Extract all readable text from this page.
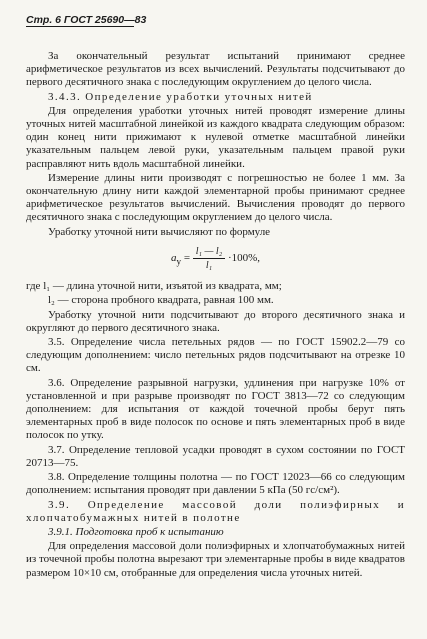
Стр. 6 ГОСТ 25690—83

За окончательный результат испытаний принимают среднее арифметическое результатов из всех вычислений. Результаты подсчитывают до первого десятичного знака с последующим округлением до целого числа.

3.4.3. Определение уработки уточных нитей

Для определения уработки уточных нитей проводят измерение длины уточных нитей масштабной линейкой из каждого квадрата следующим образом: один конец нити прижимают к нулевой отметке масштабной линейки указательным пальцем левой руки, указательным пальцем правой руки расправляют нить вдоль масштабной линейки.

Измерение длины нити производят с погрешностью не более 1 мм. За окончательную длину нити каждой элементарной пробы принимают среднее арифметическое результатов вычислений. Вычисления проводят до первого десятичного знака с последующим округлением до целого числа.

Уработку уточной нити вычисляют по формуле

$a_у = \frac{\text{l₁ — l₂}}{\text{l₁}} \cdot 100\%$,

где l₁ — длина уточной нити, изъятой из квадрата, мм;

l₂ — сторона пробного квадрата, равная 100 мм.

Уработку уточной нити подсчитывают до второго десятичного знака и округляют до первого десятичного знака.

3.5. Определение числа петельных рядов — по ГОСТ 15902.2—79 со следующим дополнением: число петельных рядов подсчитывают на отрезке 10 см.

3.6. Определение разрывной нагрузки, удлинения при нагрузке 10% от установленной и при разрыве производят по ГОСТ 3813—72 со следующим дополнением: для испытания от каждой точечной пробы берут пять элементарных проб в виде полосок по основе и пять элементарных проб в виде полосок по утку.

3.7. Определение тепловой усадки проводят в сухом состоянии по ГОСТ 20713—75.

3.8. Определение толщины полотна — по ГОСТ 12023—66 со следующим дополнением: испытания проводят при давлении 5 кПа (50 гс/см²).

3.9. Определение массовой доли полиэфирных и хлопчатобумажных нитей в полотне

3.9.1. Подготовка проб к испытанию

Для определения массовой доли полиэфирных и хлопчатобумажных нитей из точечной пробы полотна вырезают три элементарные пробы в виде квадратов размером 10×10 см, отобранные для определения числа уточных нитей.
